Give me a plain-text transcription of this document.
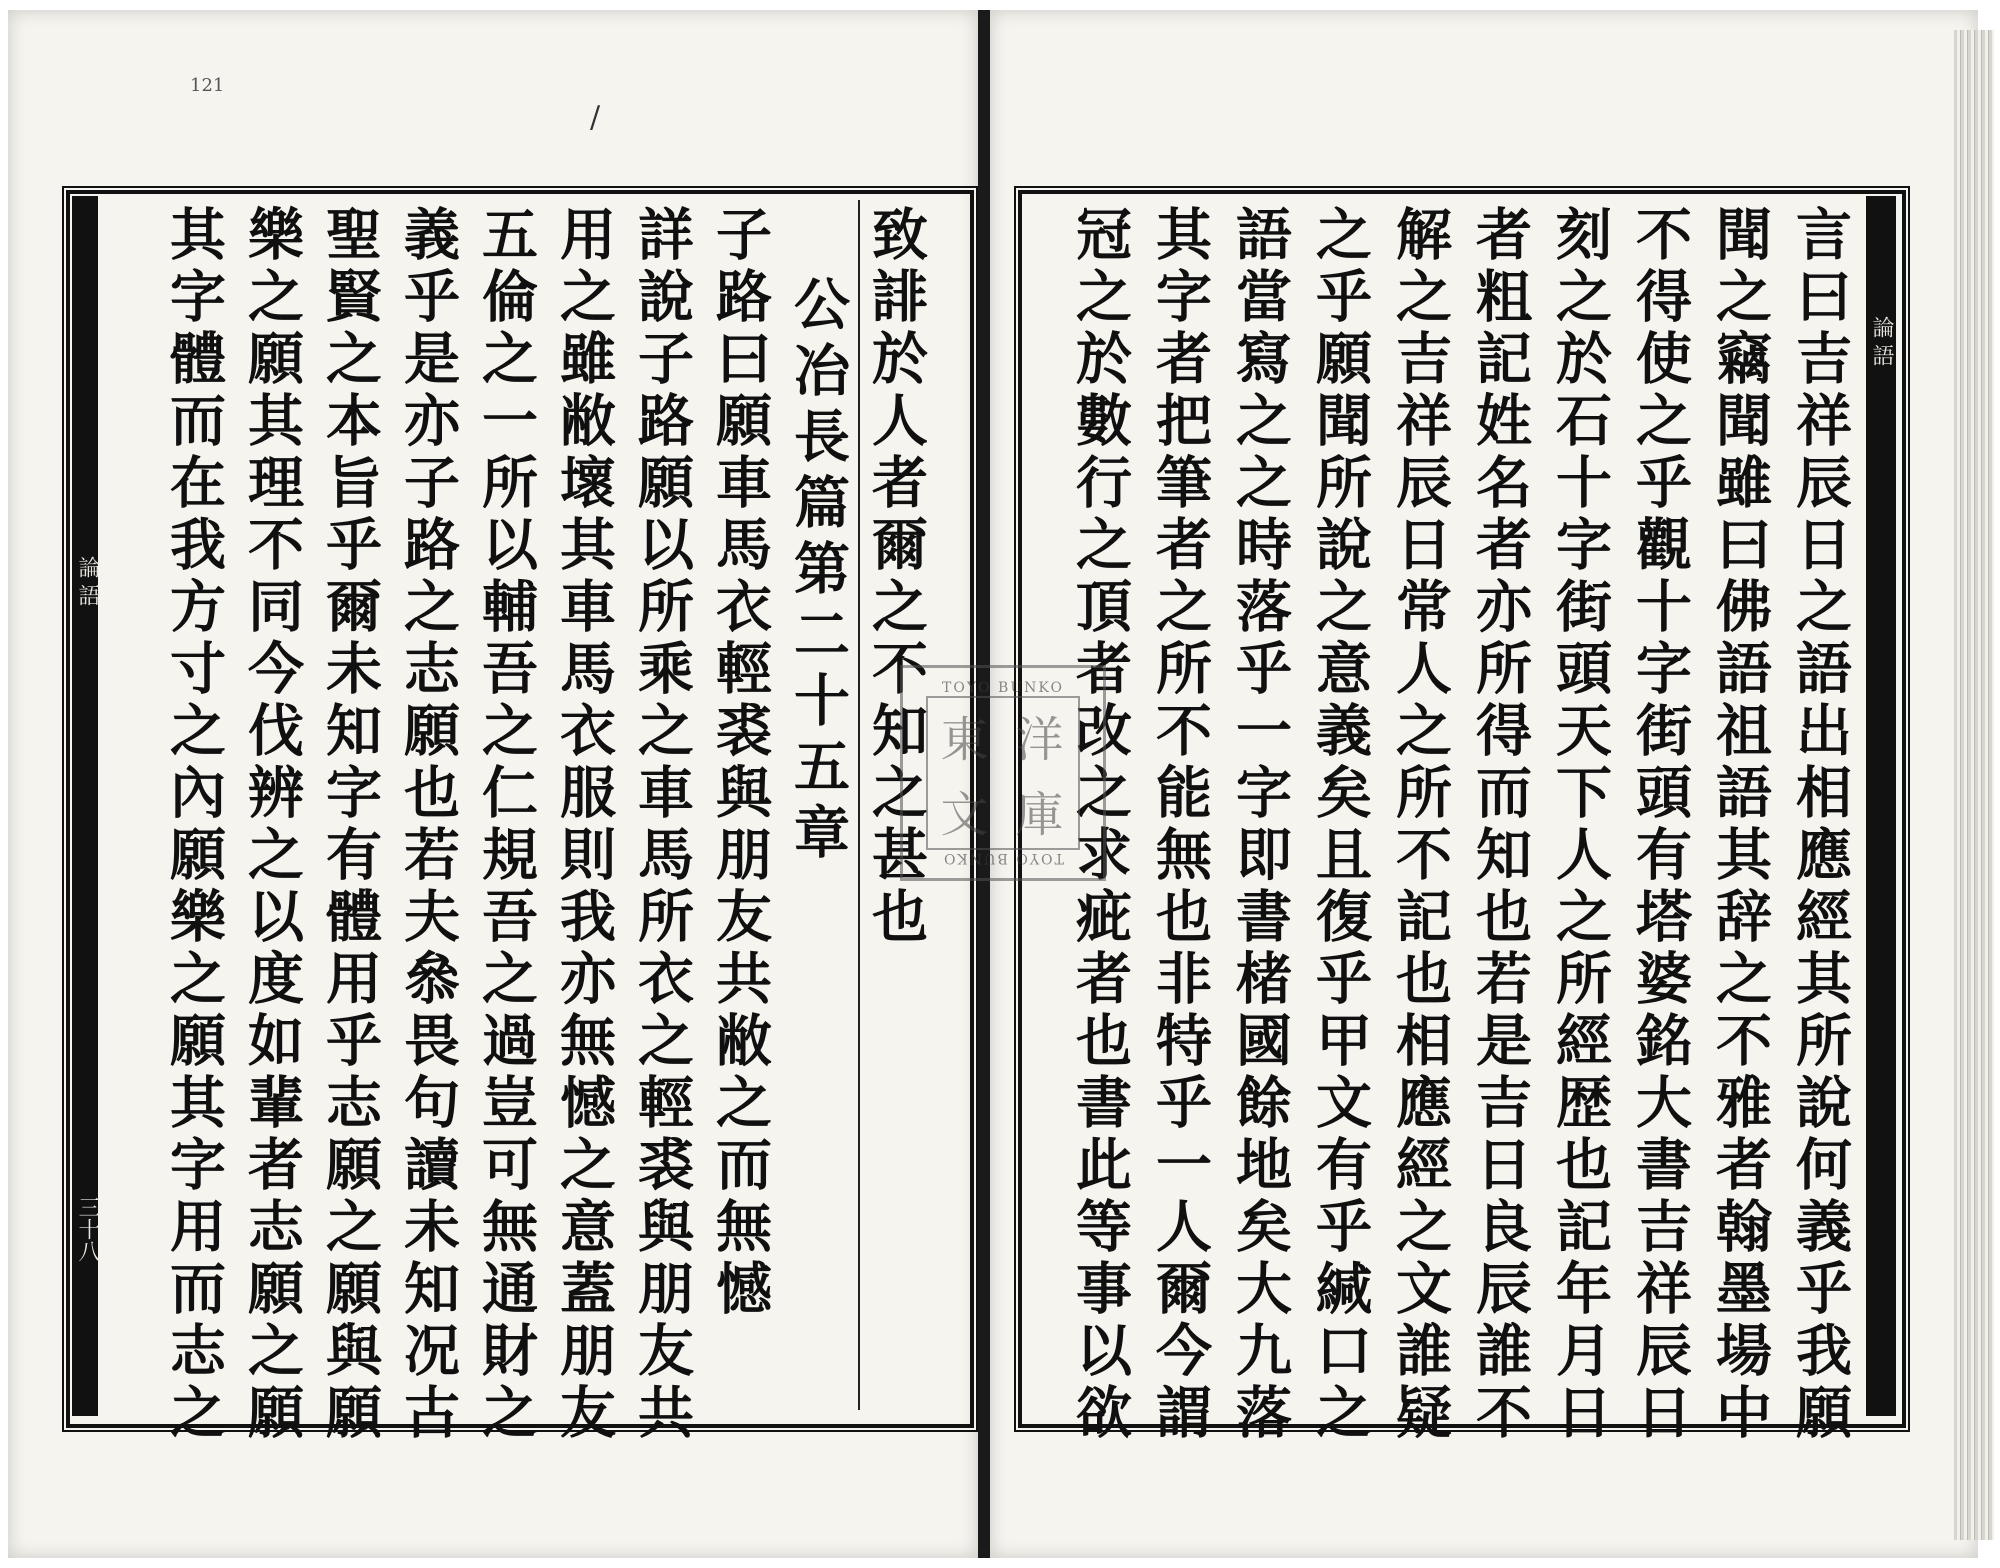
121
/
論語
三十八
致誹於人者爾之不知之甚也
公冶長篇第二十五章
子路曰願車馬衣輕裘與朋友共敝之而無憾
詳說子路願以所乘之車馬所衣之輕裘與朋友共
用之雖敝壞其車馬衣服則我亦無憾之意蓋朋友
五倫之一所以輔吾之仁規吾之過豈可無通財之
義乎是亦子路之志願也若夫叅畏句讀未知况古
聖賢之本旨乎爾未知字有體用乎志願之願與願
樂之願其理不同今伐辨之以度如輩者志願之願
其字體而在我方寸之內願樂之願其字用而志之	論語
言曰吉祥辰日之語出相應經其所說何義乎我願
聞之竊聞雖曰佛語祖語其辞之不雅者翰墨場中
不得使之乎觀十字街頭有塔婆銘大書吉祥辰日
刻之於石十字街頭天下人之所經歴也記年月日
者粗記姓名者亦所得而知也若是吉日良辰誰不
解之吉祥辰日常人之所不記也相應經之文誰疑
之乎願聞所說之意義矣且復乎甲文有乎緘口之
語當寫之之時落乎一字即書楮國餘地矣大九落
其字者把筆者之所不能無也非特乎一人爾今謂
冠之於數行之頂者改之求疵者也書此等事以欲
TOYO BUNKO
東 洋
文 庫
TOYO BUNKO
